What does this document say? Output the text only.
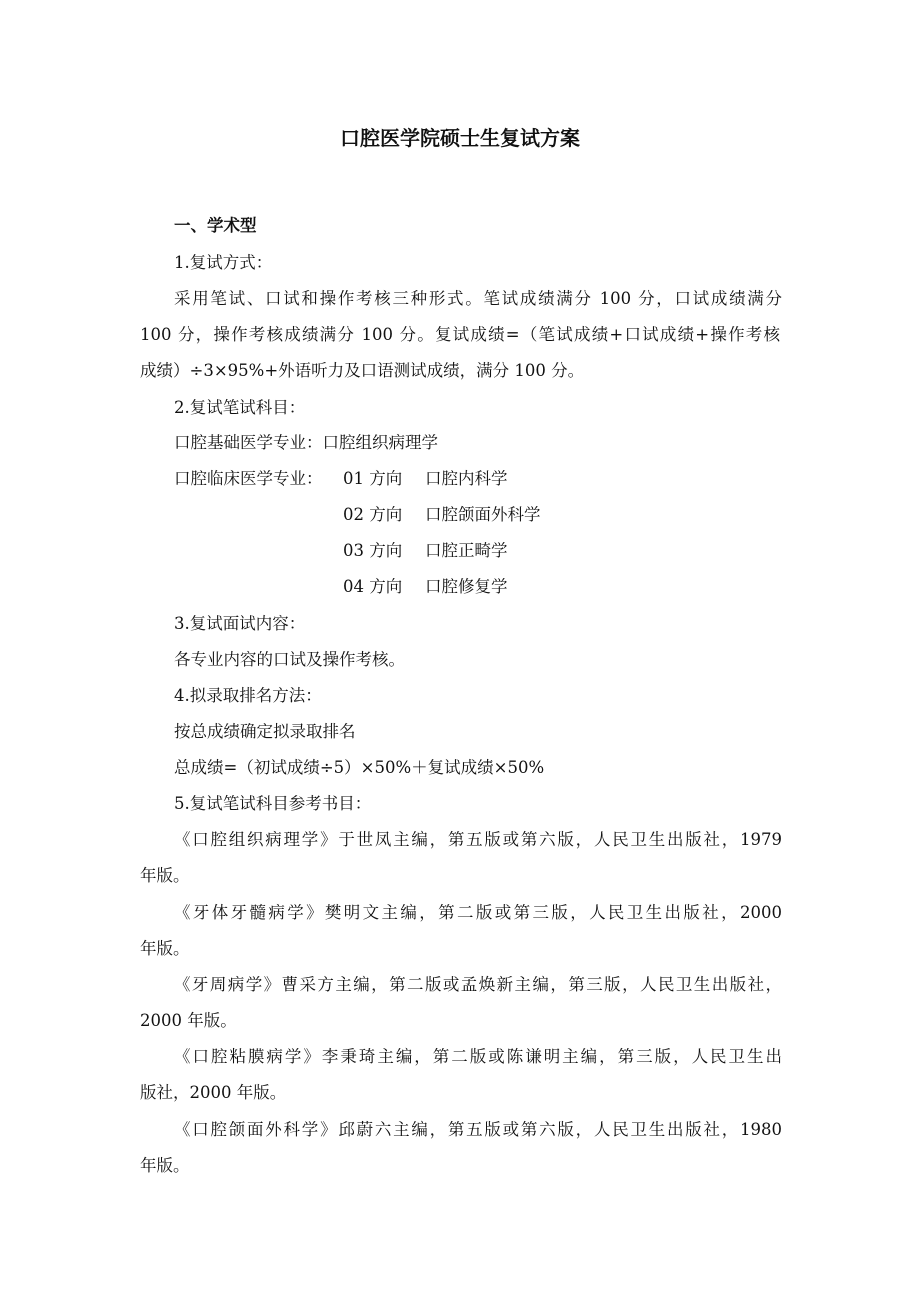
口腔医学院硕士生复试方案
一、学术型
1.复试方式：
采用笔试、口试和操作考核三种形式。笔试成绩满分 100 分，口试成绩满分
100 分，操作考核成绩满分 100 分。复试成绩=（笔试成绩+口试成绩+操作考核
成绩）÷3×95%+外语听力及口语测试成绩，满分 100 分。
2.复试笔试科目：
口腔基础医学专业：口腔组织病理学
口腔临床医学专业： 01 方向 口腔内科学
02 方向 口腔颌面外科学
03 方向 口腔正畸学
04 方向 口腔修复学
3.复试面试内容：
各专业内容的口试及操作考核。
4.拟录取排名方法：
按总成绩确定拟录取排名
总成绩=（初试成绩÷5）×50%＋复试成绩×50%
5.复试笔试科目参考书目：
《口腔组织病理学》于世凤主编，第五版或第六版，人民卫生出版社，1979
年版。
《牙体牙髓病学》樊明文主编，第二版或第三版，人民卫生出版社，2000
年版。
《牙周病学》曹采方主编，第二版或孟焕新主编，第三版，人民卫生出版社，
2000 年版。
《口腔粘膜病学》李秉琦主编，第二版或陈谦明主编，第三版，人民卫生出
版社，2000 年版。
《口腔颌面外科学》邱蔚六主编，第五版或第六版，人民卫生出版社，1980
年版。
